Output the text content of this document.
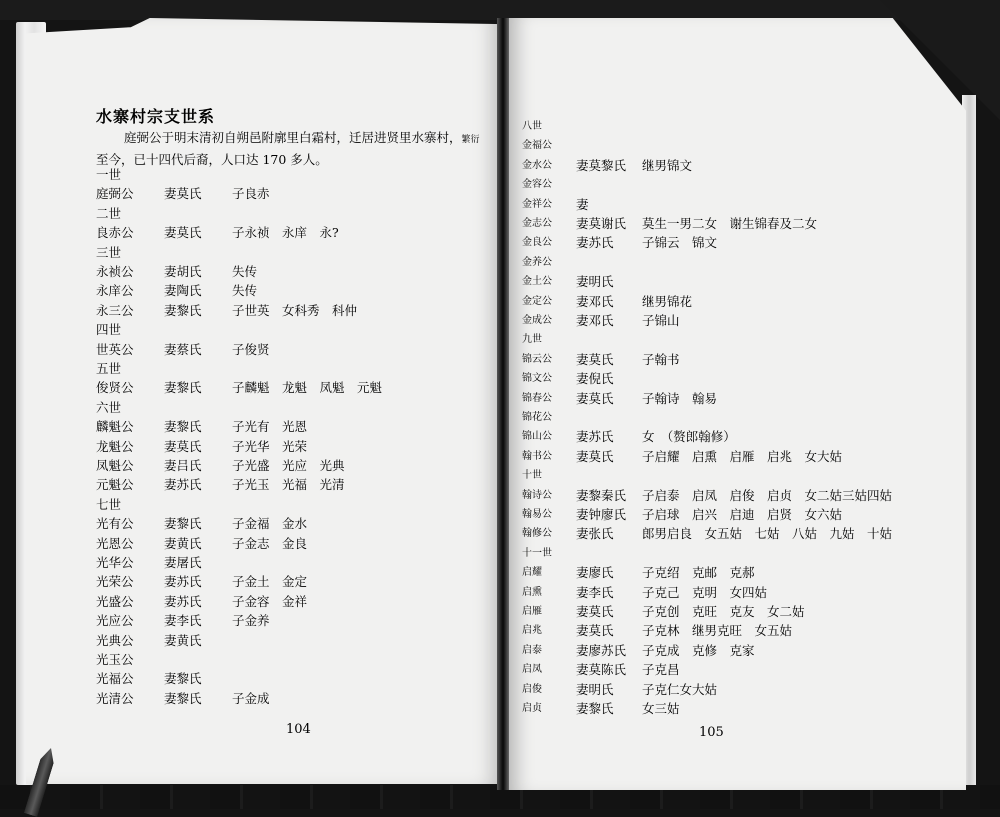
水寨村宗支世系
庭弼公于明末清初自朔邑附廓里白霜村，迁居进贤里水寨村，繁衍
至今，已十四代后裔，人口达 170 多人。
一世
庭弼公 妻莫氏 子良赤
二世
良赤公 妻莫氏 子永祯　永庠　永?
三世
永祯公 妻胡氏 失传
永庠公 妻陶氏 失传
永三公 妻黎氏 子世英　女科秀　科仲
四世
世英公 妻蔡氏 子俊贤
五世
俊贤公 妻黎氏 子麟魁　龙魁　凤魁　元魁
六世
麟魁公 妻黎氏 子光有　光恩
龙魁公 妻莫氏 子光华　光荣
凤魁公 妻吕氏 子光盛　光应　光典
元魁公 妻苏氏 子光玉　光福　光清
七世
光有公 妻黎氏 子金福　金水
光恩公 妻黄氏 子金志　金良
光华公 妻屠氏
光荣公 妻苏氏 子金土　金定
光盛公 妻苏氏 子金容　金祥
光应公 妻李氏 子金养
光典公 妻黄氏
光玉公
光福公 妻黎氏
光清公 妻黎氏 子金成
八世
金福公
金水公 妻莫黎氏 继男锦文
金容公
金祥公 妻
金志公 妻莫谢氏 莫生一男二女　谢生锦春及二女
金良公 妻苏氏 子锦云　锦文
金养公
金土公 妻明氏
金定公 妻邓氏 继男锦花
金成公 妻邓氏 子锦山
九世
锦云公 妻莫氏 子翰书
锦文公 妻倪氏
锦春公 妻莫氏 子翰诗　翰易
锦花公
锦山公 妻苏氏 女　（赘郎翰修）
翰书公 妻莫氏 子启耀　启熏　启雁　启兆　女大姑
十世
翰诗公 妻黎秦氏 子启泰　启凤　启俊　启贞　女二姑三姑四姑
翰易公 妻钟廖氏 子启球　启兴　启迪　启贤　女六姑
翰修公 妻张氏 郎男启良　女五姑　七姑　八姑　九姑　十姑
十一世
启耀	妻廖氏 子克绍　克邮　克郝
启熏	妻李氏 子克己　克明　女四姑
启雁	妻莫氏 子克创　克旺　克友　女二姑
启兆	妻莫氏 子克林　继男克旺　女五姑
启泰	妻廖苏氏 子克成　克修　克家
启凤	妻莫陈氏 子克昌
启俊	妻明氏 子克仁女大姑
启贞	妻黎氏 女三姑
104	105
